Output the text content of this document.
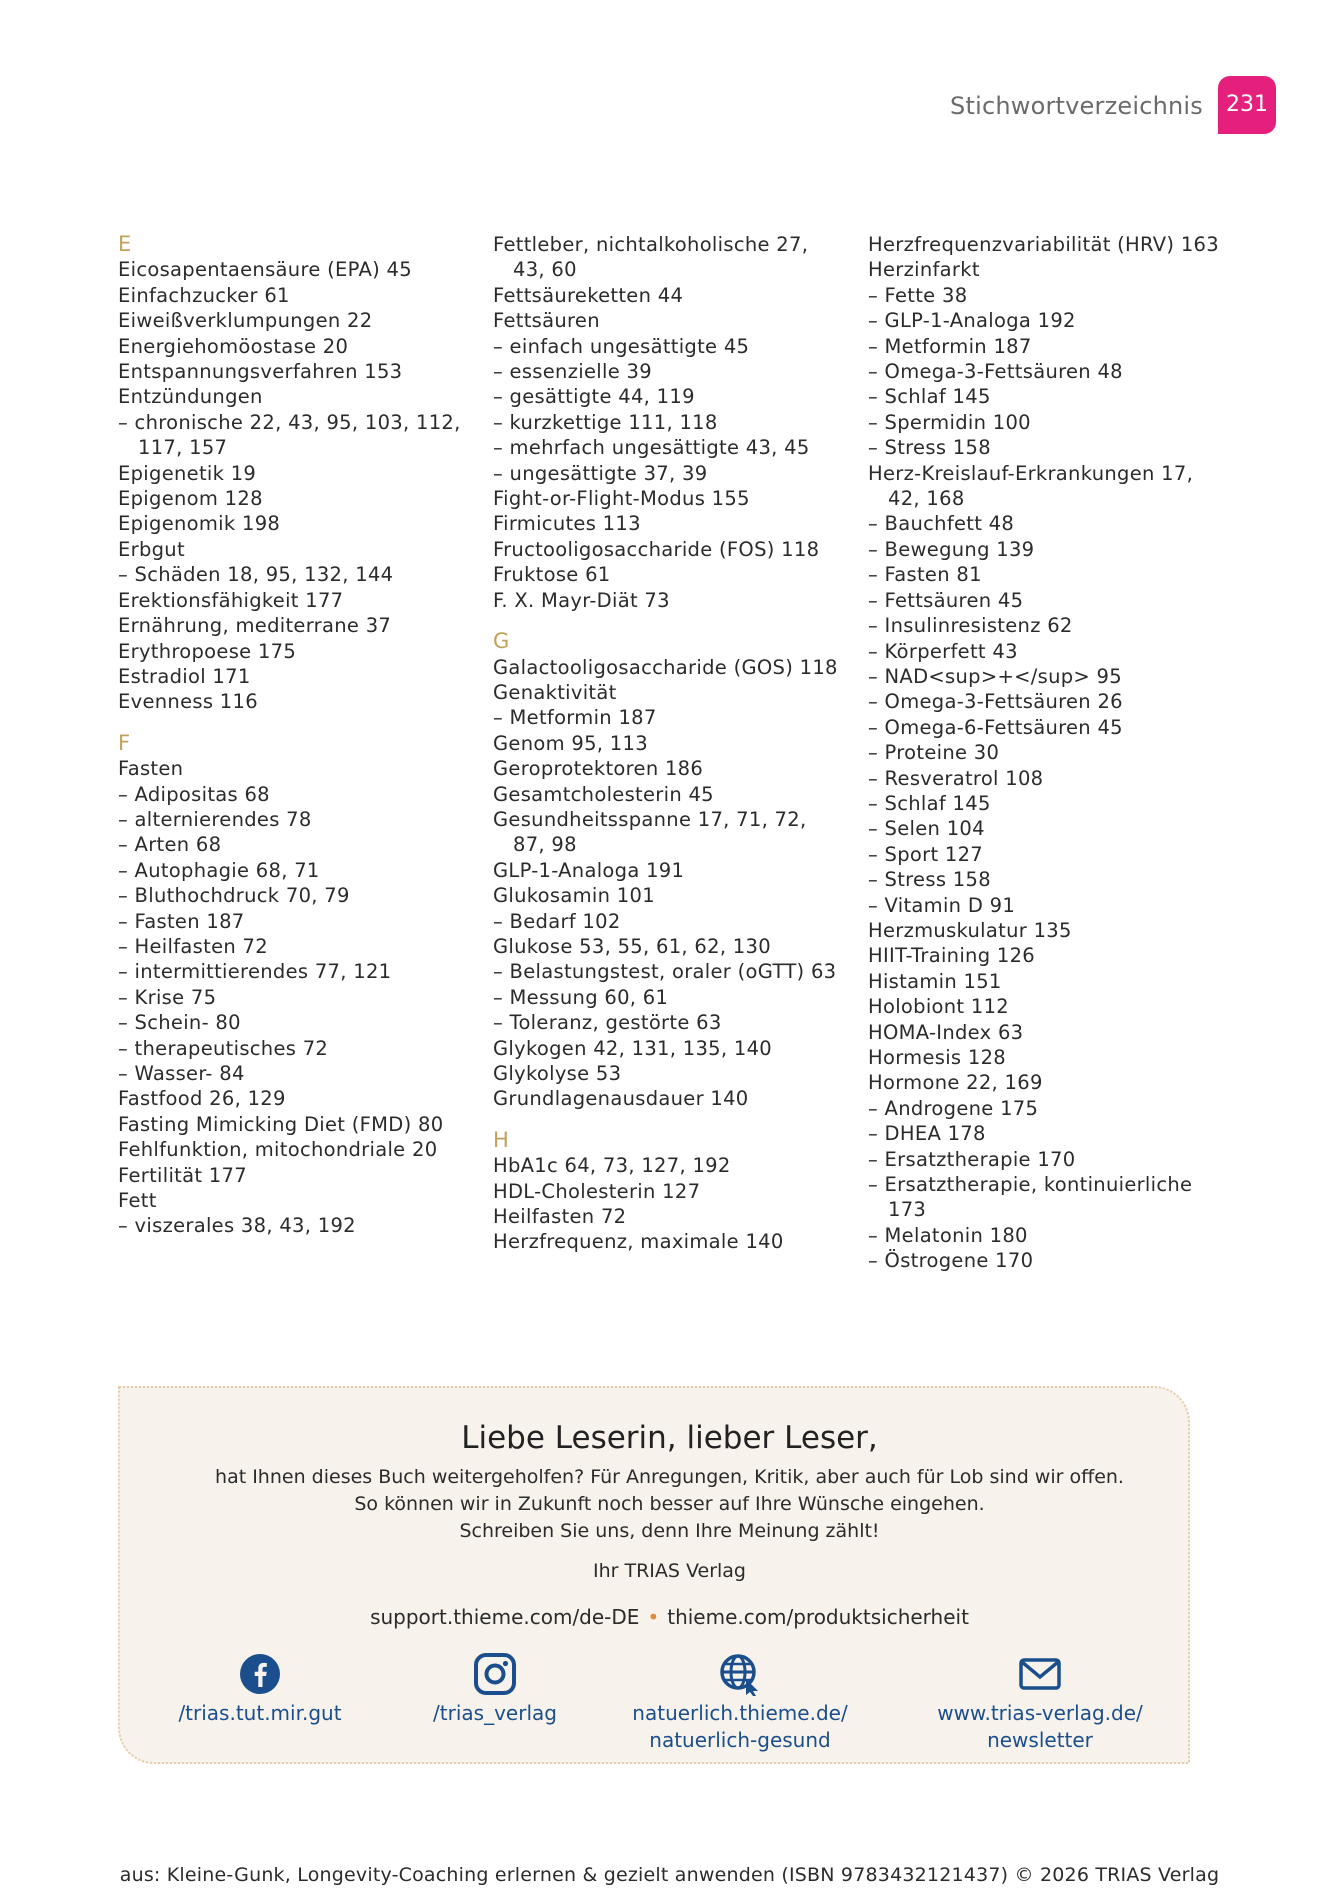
Stichwortverzeichnis	231
E
Eicosapentaensäure (EPA) 45
Einfachzucker 61
Eiweißverklumpungen 22
Energiehomöostase 20
Entspannungsverfahren 153
Entzündungen
– chronische 22, 43, 95, 103, 112,
117, 157
Epigenetik 19
Epigenom 128
Epigenomik 198
Erbgut
– Schäden 18, 95, 132, 144
Erektionsfähigkeit 177
Ernährung, mediterrane 37
Erythropoese 175
Estradiol 171
Evenness 116
F
Fasten
– Adipositas 68
– alternierendes 78
– Arten 68
– Autophagie 68, 71
– Bluthochdruck 70, 79
– Fasten 187
– Heilfasten 72
– intermittierendes 77, 121
– Krise 75
– Schein- 80
– therapeutisches 72
– Wasser- 84
Fastfood 26, 129
Fasting Mimicking Diet (FMD) 80
Fehlfunktion, mitochondriale 20
Fertilität 177
Fett
– viszerales 38, 43, 192
Fettleber, nichtalkoholische 27,
43, 60
Fettsäureketten 44
Fettsäuren
– einfach ungesättigte 45
– essenzielle 39
– gesättigte 44, 119
– kurzkettige 111, 118
– mehrfach ungesättigte 43, 45
– ungesättigte 37, 39
Fight-or-Flight-Modus 155
Firmicutes 113
Fructooligosaccharide (FOS) 118
Fruktose 61
F. X. Mayr-Diät 73
G
Galactooligosaccharide (GOS) 118
Genaktivität
– Metformin 187
Genom 95, 113
Geroprotektoren 186
Gesamtcholesterin 45
Gesundheitsspanne 17, 71, 72,
87, 98
GLP-1-Analoga 191
Glukosamin 101
– Bedarf 102
Glukose 53, 55, 61, 62, 130
– Belastungstest, oraler (oGTT) 63
– Messung 60, 61
– Toleranz, gestörte 63
Glykogen 42, 131, 135, 140
Glykolyse 53
Grundlagenausdauer 140
H
HbA1c 64, 73, 127, 192
HDL-Cholesterin 127
Heilfasten 72
Herzfrequenz, maximale 140
Herzfrequenzvariabilität (HRV) 163
Herzinfarkt
– Fette 38
– GLP-1-Analoga 192
– Metformin 187
– Omega-3-Fettsäuren 48
– Schlaf 145
– Spermidin 100
– Stress 158
Herz-Kreislauf-Erkrankungen 17,
42, 168
– Bauchfett 48
– Bewegung 139
– Fasten 81
– Fettsäuren 45
– Insulinresistenz 62
– Körperfett 43
– NAD<sup>+</sup> 95
– Omega-3-Fettsäuren 26
– Omega-6-Fettsäuren 45
– Proteine 30
– Resveratrol 108
– Schlaf 145
– Selen 104
– Sport 127
– Stress 158
– Vitamin D 91
Herzmuskulatur 135
HIIT-Training 126
Histamin 151
Holobiont 112
HOMA-Index 63
Hormesis 128
Hormone 22, 169
– Androgene 175
– DHEA 178
– Ersatztherapie 170
– Ersatztherapie, kontinuierliche
173
– Melatonin 180
– Östrogene 170
Liebe Leserin, lieber Leser,
hat Ihnen dieses Buch weitergeholfen? Für Anregungen, Kritik, aber auch für Lob sind wir offen.
So können wir in Zukunft noch besser auf Ihre Wünsche eingehen.
Schreiben Sie uns, denn Ihre Meinung zählt!
Ihr TRIAS Verlag
support.thieme.com/de-DE • thieme.com/produktsicherheit
/trias.tut.mir.gut	/trias_verlag	natuerlich.thieme.de/
natuerlich-gesund
www.trias-verlag.de/
newsletter
aus: Kleine-Gunk, Longevity-Coaching erlernen & gezielt anwenden (ISBN 9783432121437) © 2026 TRIAS Verlag
